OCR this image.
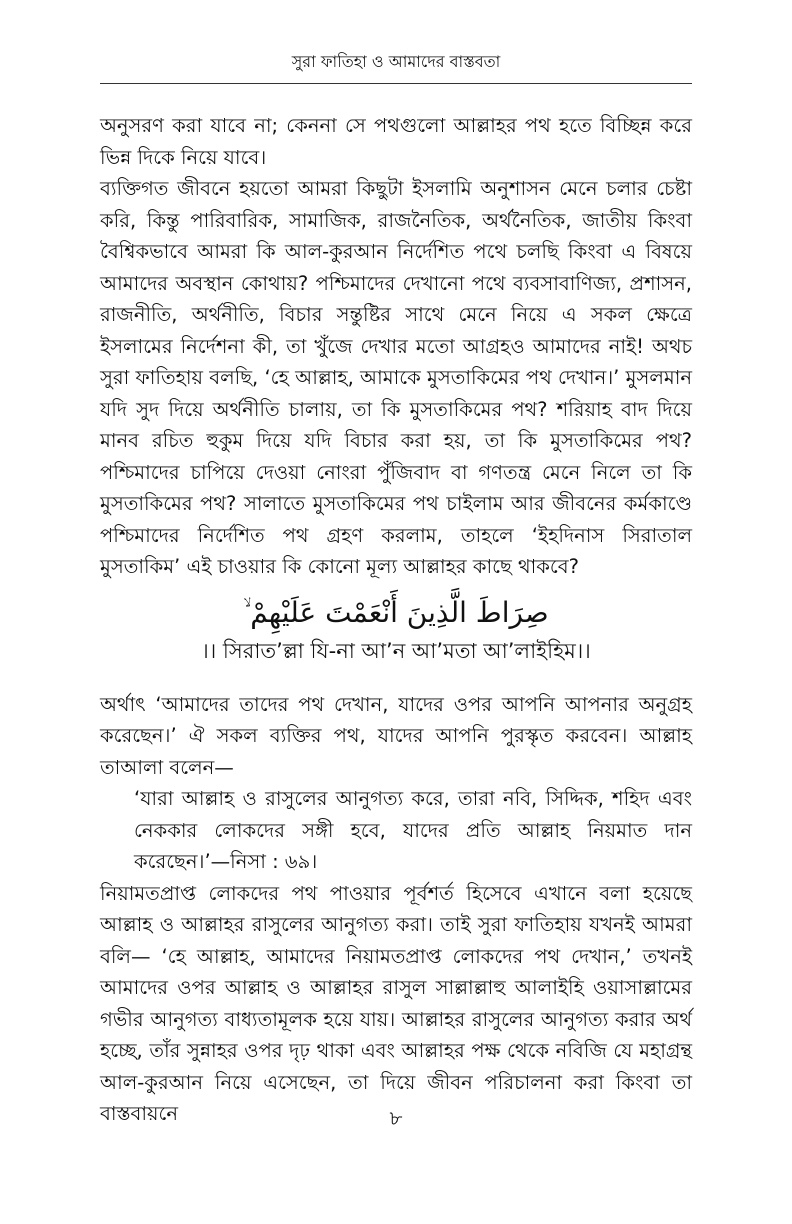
সুরা ফাতিহা ও আমাদের বাস্তবতা

অনুসরণ করা যাবে না; কেননা সে পথগুলো আল্লাহর পথ হতে বিচ্ছিন্ন করে ভিন্ন দিকে নিয়ে যাবে।

ব্যক্তিগত জীবনে হয়তো আমরা কিছুটা ইসলামি অনুশাসন মেনে চলার চেষ্টা করি, কিন্তু পারিবারিক, সামাজিক, রাজনৈতিক, অর্থনৈতিক, জাতীয় কিংবা বৈশ্বিকভাবে আমরা কি আল-কুরআন নির্দেশিত পথে চলছি কিংবা এ বিষয়ে আমাদের অবস্থান কোথায়? পশ্চিমাদের দেখানো পথে ব্যবসাবাণিজ্য, প্রশাসন, রাজনীতি, অর্থনীতি, বিচার সন্তুষ্টির সাথে মেনে নিয়ে এ সকল ক্ষেত্রে ইসলামের নির্দেশনা কী, তা খুঁজে দেখার মতো আগ্রহও আমাদের নাই! অথচ সুরা ফাতিহায় বলছি, ‘হে আল্লাহ, আমাকে মুসতাকিমের পথ দেখান।’ মুসলমান যদি সুদ দিয়ে অর্থনীতি চালায়, তা কি মুসতাকিমের পথ? শরিয়াহ বাদ দিয়ে মানব রচিত হুকুম দিয়ে যদি বিচার করা হয়, তা কি মুসতাকিমের পথ? পশ্চিমাদের চাপিয়ে দেওয়া নোংরা পুঁজিবাদ বা গণতন্ত্র মেনে নিলে তা কি মুসতাকিমের পথ? সালাতে মুসতাকিমের পথ চাইলাম আর জীবনের কর্মকাণ্ডে পশ্চিমাদের নির্দেশিত পথ গ্রহণ করলাম, তাহলে ‘ইহদিনাস সিরাতাল মুসতাকিম’ এই চাওয়ার কি কোনো মূল্য আল্লাহর কাছে থাকবে?

صِرَاطَ الَّذِينَ أَنْعَمْتَ عَلَيْهِمْ ۙ

।। সিরাত’ল্লা যি-না আ’ন আ’মতা আ’লাইহিম।।

অর্থাৎ ‘আমাদের তাদের পথ দেখান, যাদের ওপর আপনি আপনার অনুগ্রহ করেছেন।’ ঐ সকল ব্যক্তির পথ, যাদের আপনি পুরস্কৃত করবেন। আল্লাহ তাআলা বলেন—

‘যারা আল্লাহ ও রাসুলের আনুগত্য করে, তারা নবি, সিদ্দিক, শহিদ এবং নেককার লোকদের সঙ্গী হবে, যাদের প্রতি আল্লাহ নিয়মাত দান করেছেন।’—নিসা : ৬৯।

নিয়ামতপ্রাপ্ত লোকদের পথ পাওয়ার পূর্বশর্ত হিসেবে এখানে বলা হয়েছে আল্লাহ ও আল্লাহর রাসুলের আনুগত্য করা। তাই সুরা ফাতিহায় যখনই আমরা বলি— ‘হে আল্লাহ, আমাদের নিয়ামতপ্রাপ্ত লোকদের পথ দেখান,’ তখনই আমাদের ওপর আল্লাহ ও আল্লাহর রাসুল সাল্লাল্লাহু আলাইহি ওয়াসাল্লামের গভীর আনুগত্য বাধ্যতামূলক হয়ে যায়। আল্লাহর রাসুলের আনুগত্য করার অর্থ হচ্ছে, তাঁর সুন্নাহর ওপর দৃঢ় থাকা এবং আল্লাহর পক্ষ থেকে নবিজি যে মহাগ্রন্থ আল-কুরআন নিয়ে এসেছেন, তা দিয়ে জীবন পরিচালনা করা কিংবা তা বাস্তবায়নে	৮
